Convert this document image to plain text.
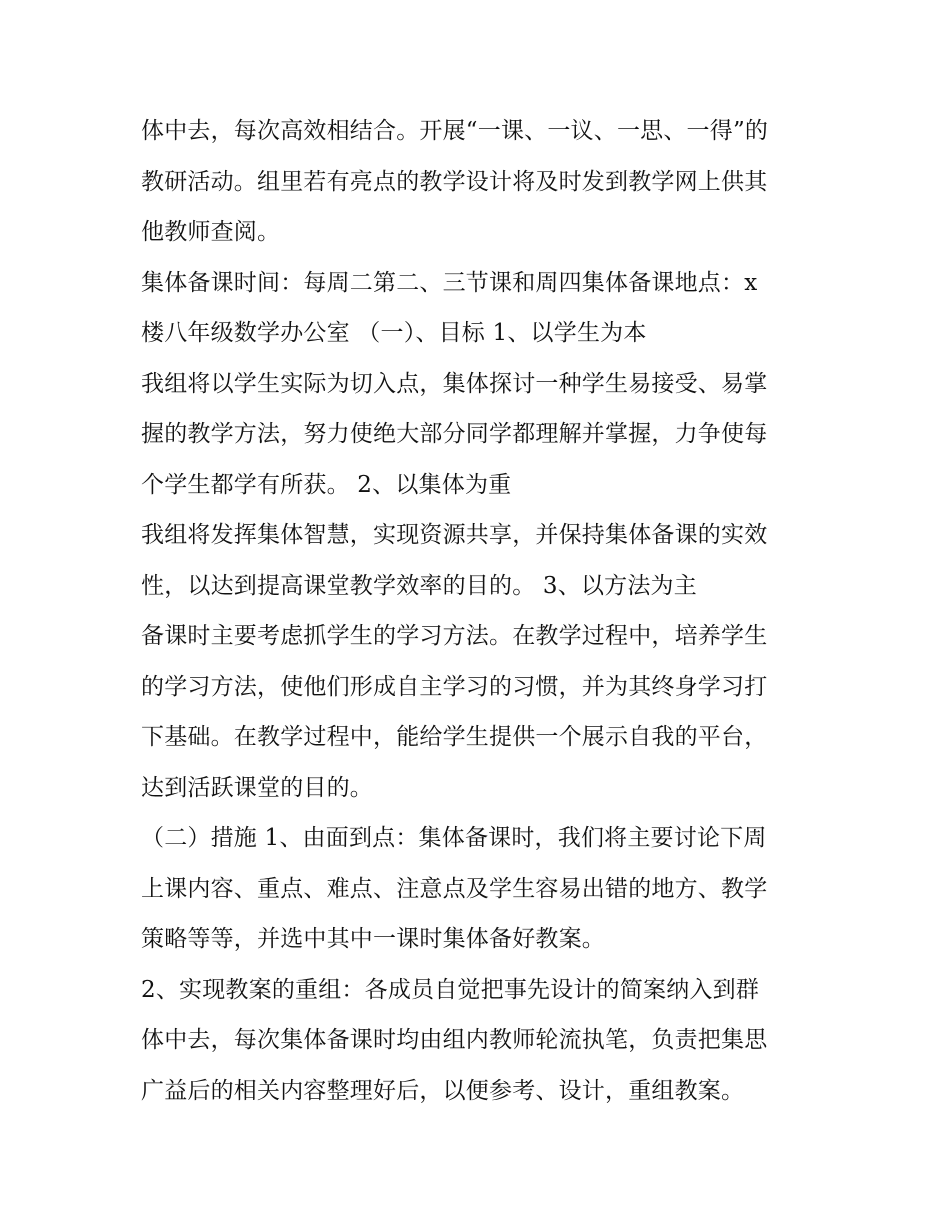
体中去，每次高效相结合。开展“一课、一议、一思、一得”的
教研活动。组里若有亮点的教学设计将及时发到教学网上供其
他教师查阅。
集体备课时间：每周二第二、三节课和周四集体备课地点：x
楼八年级数学办公室 （一）、目标 1、以学生为本
我组将以学生实际为切入点，集体探讨一种学生易接受、易掌
握的教学方法，努力使绝大部分同学都理解并掌握，力争使每
个学生都学有所获。 2、以集体为重
我组将发挥集体智慧，实现资源共享，并保持集体备课的实效
性，以达到提高课堂教学效率的目的。 3、以方法为主
备课时主要考虑抓学生的学习方法。在教学过程中，培养学生
的学习方法，使他们形成自主学习的习惯，并为其终身学习打
下基础。在教学过程中，能给学生提供一个展示自我的平台，
达到活跃课堂的目的。
（二）措施 1、由面到点：集体备课时，我们将主要讨论下周
上课内容、重点、难点、注意点及学生容易出错的地方、教学
策略等等，并选中其中一课时集体备好教案。
2、实现教案的重组：各成员自觉把事先设计的简案纳入到群
体中去，每次集体备课时均由组内教师轮流执笔，负责把集思
广益后的相关内容整理好后，以便参考、设计，重组教案。
